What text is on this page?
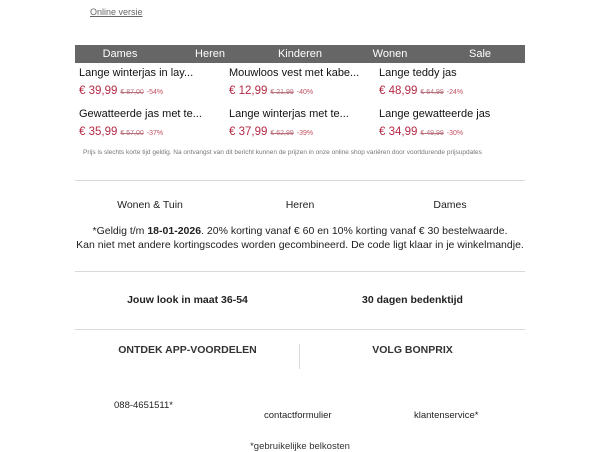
Online versie
Dames	Heren	Kinderen	Wonen	Sale
Lange winterjas in lay...
€ 39,99 € 87,00 -54%
Mouwloos vest met kabe...
€ 12,99 € 21,99 -40%
Lange teddy jas
€ 48,99 € 64,99 -24%
Gewatteerde jas met te...
€ 35,99 € 57,00 -37%
Lange winterjas met te...
€ 37,99 € 62,99 -39%
Lange gewatteerde jas
€ 34,99 € 49,99 -30%
Prijs is slechts korte tijd geldig. Na ontvangst van dit bericht kunnen de prijzen in onze online shop variëren door voortdurende prijsupdates
Wonen & Tuin	Heren	Dames
*Geldig t/m 18-01-2026. 20% korting vanaf € 60 en 10% korting vanaf € 30 bestelwaarde.
Kan niet met andere kortingscodes worden gecombineerd. De code ligt klaar in je winkelmandje.
Jouw look in maat 36-54	30 dagen bedenktijd
ONTDEK APP-VOORDELEN	VOLG BONPRIX
088-4651511*
contactformulier	klantenservice*
*gebruikelijke belkosten
